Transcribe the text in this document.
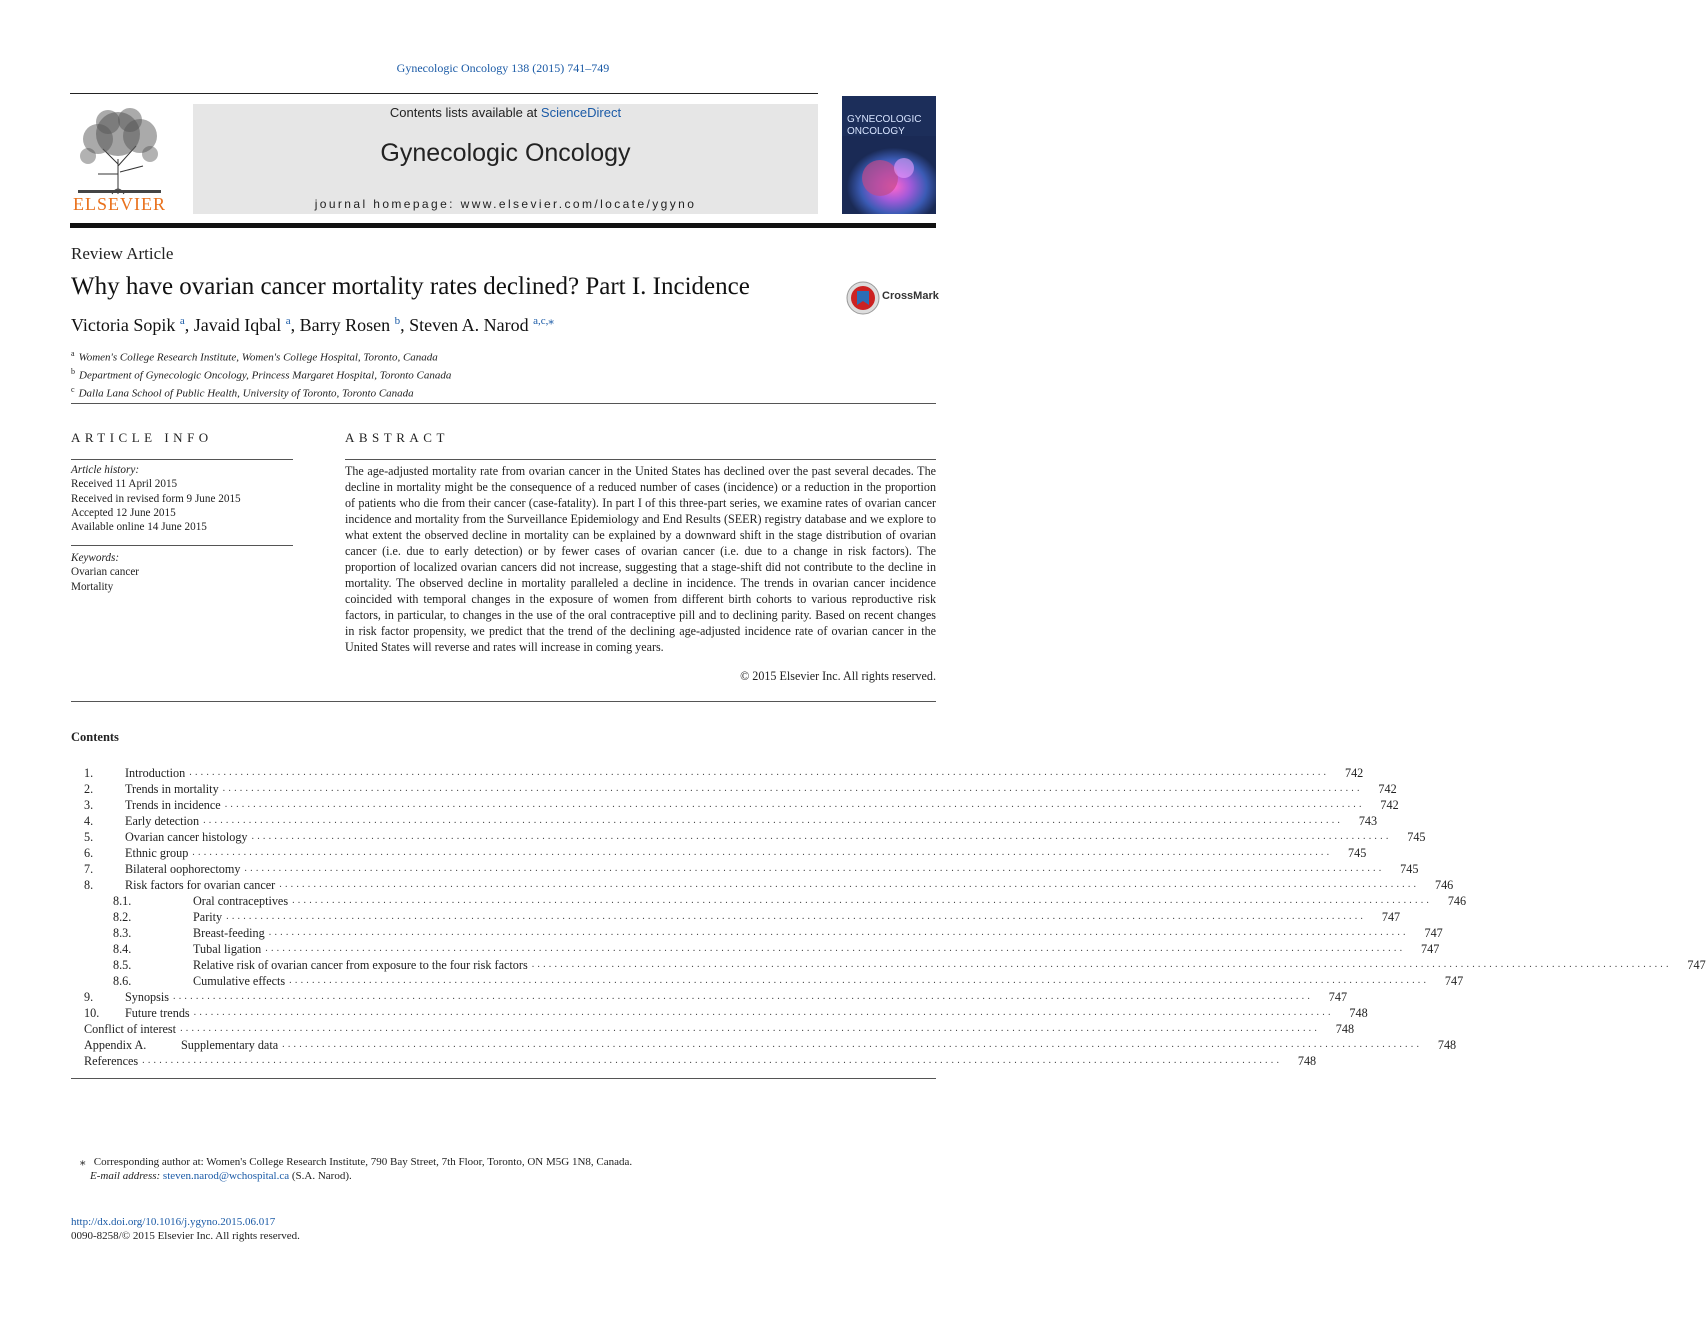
Gynecologic Oncology 138 (2015) 741–749
ELSEVIER
Contents lists available at ScienceDirect
Gynecologic Oncology
journal homepage: www.elsevier.com/locate/ygyno
GYNECOLOGIC
ONCOLOGY
Review Article
Why have ovarian cancer mortality rates declined? Part I. Incidence	CrossMark
Victoria Sopik $^a$, Javaid Iqbal $^a$, Barry Rosen $^b$, Steven A. Narod $^{a,c,⁎}$
$^a$ Women's College Research Institute, Women's College Hospital, Toronto, Canada
$^b$ Department of Gynecologic Oncology, Princess Margaret Hospital, Toronto Canada
$^c$ Dalla Lana School of Public Health, University of Toronto, Toronto Canada
ARTICLE INFO
Article history:
Received 11 April 2015
Received in revised form 9 June 2015
Accepted 12 June 2015
Available online 14 June 2015
Keywords:
Ovarian cancer
Mortality
ABSTRACT
The age-adjusted mortality rate from ovarian cancer in the United States has declined over the past several decades. The decline in mortality might be the consequence of a reduced number of cases (incidence) or a reduction in the proportion of patients who die from their cancer (case-fatality). In part I of this three-part series, we examine rates of ovarian cancer incidence and mortality from the Surveillance Epidemiology and End Results (SEER) registry database and we explore to what extent the observed decline in mortality can be explained by a downward shift in the stage distribution of ovarian cancer (i.e. due to early detection) or by fewer cases of ovarian cancer (i.e. due to a change in risk factors). The proportion of localized ovarian cancers did not increase, suggesting that a stage-shift did not contribute to the decline in mortality. The observed decline in mortality paralleled a decline in incidence. The trends in ovarian cancer incidence coincided with temporal changes in the exposure of women from different birth cohorts to various reproductive risk factors, in particular, to changes in the use of the oral contraceptive pill and to declining parity. Based on recent changes in risk factor propensity, we predict that the trend of the declining age-adjusted incidence rate of ovarian cancer in the United States will reverse and rates will increase in coming years.
© 2015 Elsevier Inc. All rights reserved.
Contents
1.	Introduction ........................................................................................................................................................................................................	742
2.	Trends in mortality ........................................................................................................................................................................................................	742
3.	Trends in incidence ........................................................................................................................................................................................................	742
4.	Early detection ........................................................................................................................................................................................................	743
5.	Ovarian cancer histology ........................................................................................................................................................................................................	745
6.	Ethnic group ........................................................................................................................................................................................................	745
7.	Bilateral oophorectomy ........................................................................................................................................................................................................	745
8.	Risk factors for ovarian cancer ........................................................................................................................................................................................................	746
8.1.	Oral contraceptives ........................................................................................................................................................................................................	746
8.2.	Parity ........................................................................................................................................................................................................	747
8.3.	Breast-feeding ........................................................................................................................................................................................................	747
8.4.	Tubal ligation ........................................................................................................................................................................................................	747
8.5.	Relative risk of ovarian cancer from exposure to the four risk factors ........................................................................................................................................................................................................	747
8.6.	Cumulative effects ........................................................................................................................................................................................................	747
9.	Synopsis ........................................................................................................................................................................................................	747
10.	Future trends ........................................................................................................................................................................................................	748
Conflict of interest ........................................................................................................................................................................................................	748
Appendix A.	Supplementary data ........................................................................................................................................................................................................	748
References ........................................................................................................................................................................................................	748
⁎ Corresponding author at: Women's College Research Institute, 790 Bay Street, 7th Floor, Toronto, ON M5G 1N8, Canada.
E-mail address: steven.narod@wchospital.ca (S.A. Narod).
http://dx.doi.org/10.1016/j.ygyno.2015.06.017
0090-8258/© 2015 Elsevier Inc. All rights reserved.
